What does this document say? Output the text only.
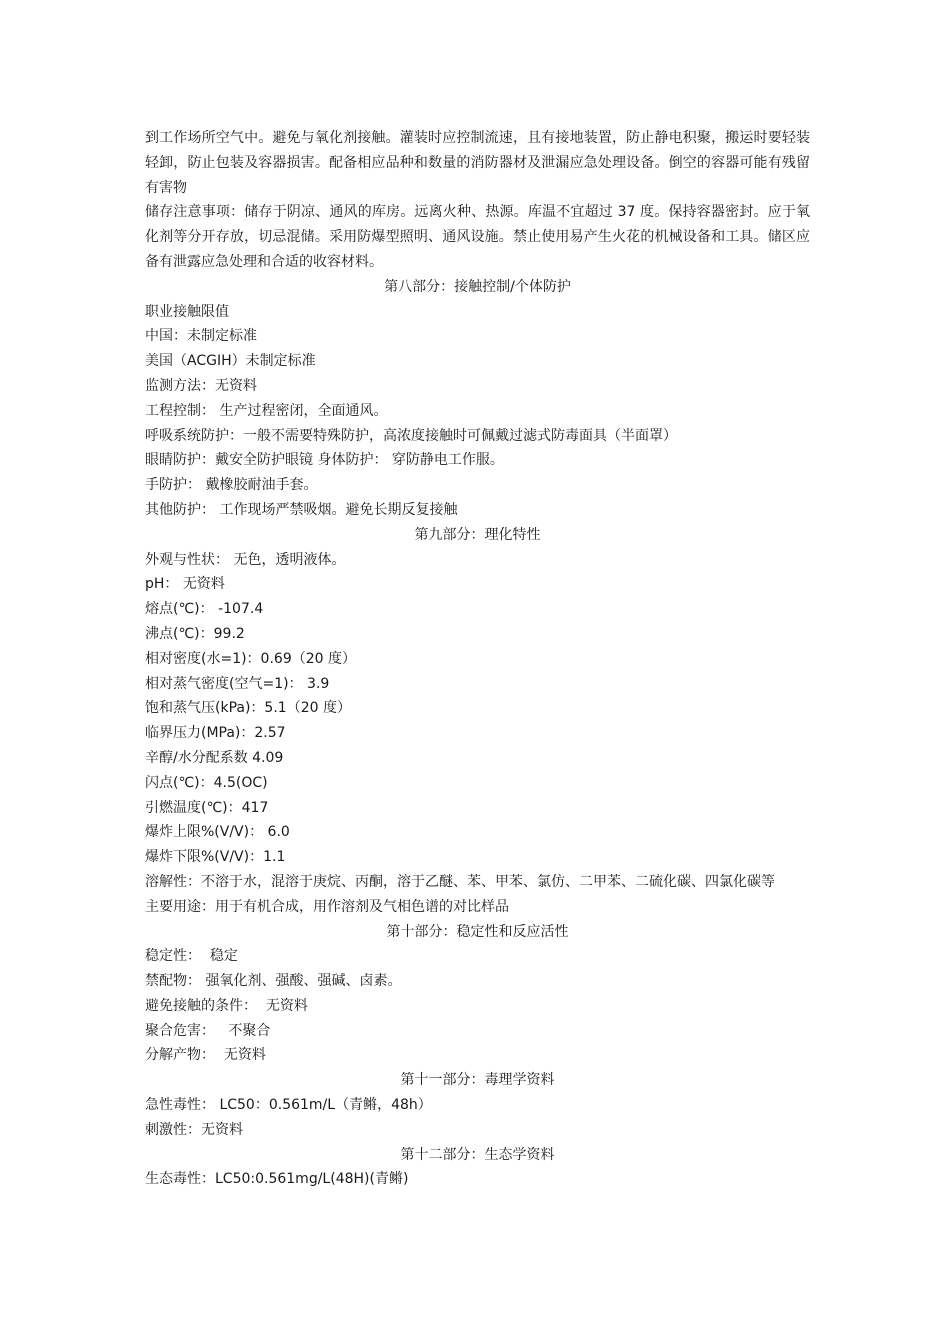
到工作场所空气中。避免与氧化剂接触。灌装时应控制流速，且有接地装置，防止静电积聚，搬运时要轻装轻卸，防止包装及容器损害。配备相应品种和数量的消防器材及泄漏应急处理设备。倒空的容器可能有残留有害物

储存注意事项：储存于阴凉、通风的库房。远离火种、热源。库温不宜超过 37 度。保持容器密封。应于氧化剂等分开存放，切忌混储。采用防爆型照明、通风设施。禁止使用易产生火花的机械设备和工具。储区应备有泄露应急处理和合适的收容材料。

第八部分：接触控制/个体防护

职业接触限值

中国：未制定标准

美国（ACGIH）未制定标准

监测方法：无资料

工程控制： 生产过程密闭，全面通风。

呼吸系统防护：一般不需要特殊防护，高浓度接触时可佩戴过滤式防毒面具（半面罩）

眼睛防护：戴安全防护眼镜 身体防护： 穿防静电工作服。

手防护： 戴橡胶耐油手套。

其他防护： 工作现场严禁吸烟。避免长期反复接触

第九部分：理化特性

外观与性状： 无色，透明液体。

pH： 无资料

熔点(℃)： -107.4

沸点(℃)：99.2

相对密度(水=1)：0.69（20 度）

相对蒸气密度(空气=1)： 3.9

饱和蒸气压(kPa)：5.1（20 度）

临界压力(MPa)：2.57

辛醇/水分配系数 4.09

闪点(℃)：4.5(OC)

引燃温度(℃)：417

爆炸上限%(V/V)： 6.0

爆炸下限%(V/V)：1.1

溶解性：不溶于水，混溶于庚烷、丙酮，溶于乙醚、苯、甲苯、氯仿、二甲苯、二硫化碳、四氯化碳等

主要用途：用于有机合成，用作溶剂及气相色谱的对比样品

第十部分：稳定性和反应活性

稳定性：  稳定

禁配物： 强氧化剂、强酸、强碱、卤素。

避免接触的条件：  无资料

聚合危害：   不聚合

分解产物：  无资料

第十一部分：毒理学资料

急性毒性： LC50：0.561m/L（青鳉，48h）

刺激性：无资料

第十二部分：生态学资料

生态毒性：LC50:0.561mg/L(48H)(青鳉)
